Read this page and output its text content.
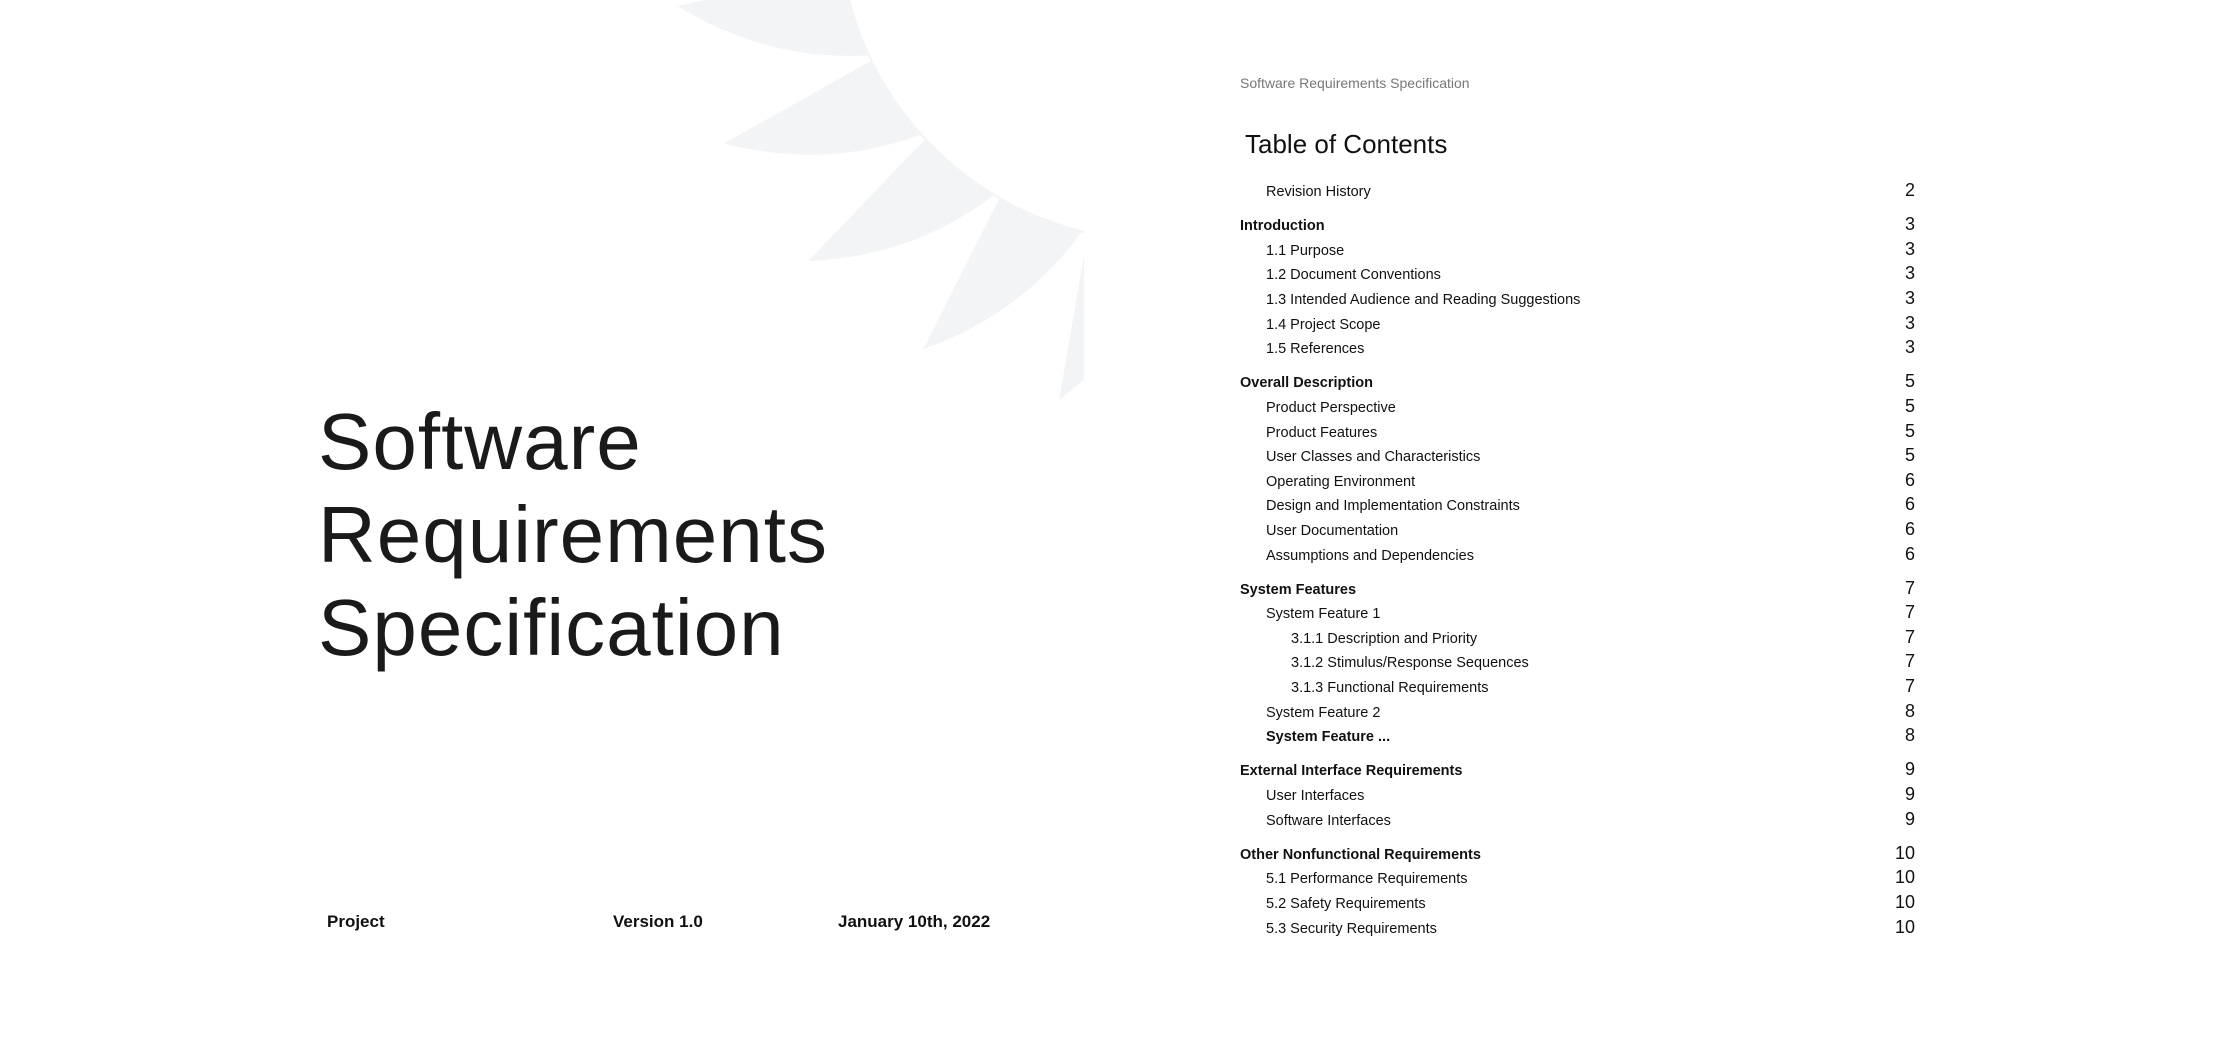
Software
Requirements
Specification
Project	Version 1.0	January 10th, 2022
Software Requirements Specification
Table of Contents
Revision History	2
Introduction	3
1.1 Purpose	3
1.2 Document Conventions	3
1.3 Intended Audience and Reading Suggestions	3
1.4 Project Scope	3
1.5 References	3
Overall Description	5
Product Perspective	5
Product Features	5
User Classes and Characteristics	5
Operating Environment	6
Design and Implementation Constraints	6
User Documentation	6
Assumptions and Dependencies	6
System Features	7
System Feature 1	7
3.1.1 Description and Priority	7
3.1.2 Stimulus/Response Sequences	7
3.1.3 Functional Requirements	7
System Feature 2	8
System Feature ...	8
External Interface Requirements	9
User Interfaces	9
Software Interfaces	9
Other Nonfunctional Requirements	10
5.1 Performance Requirements	10
5.2 Safety Requirements	10
5.3 Security Requirements	10
